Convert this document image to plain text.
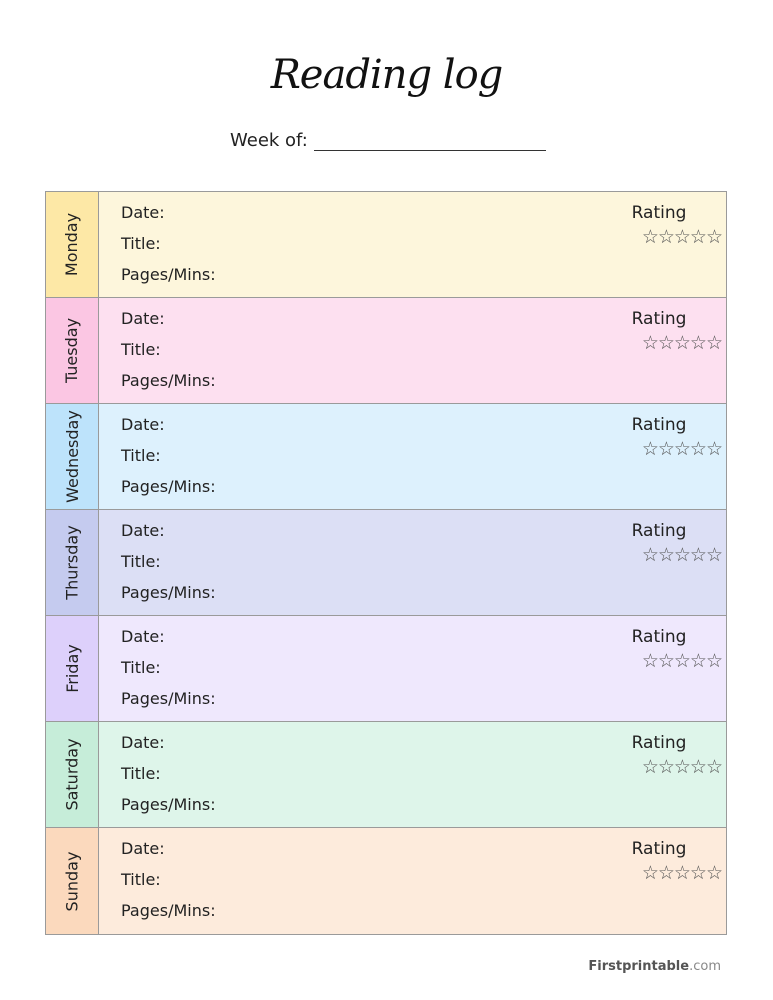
Reading log
Week of:
Monday
Date:
Title:
Pages/Mins:
Rating
☆☆☆☆☆
Tuesday Date:
Title:
Pages/Mins:
Rating
☆☆☆☆☆
Wednesday Date:
Title:
Pages/Mins:
Rating
☆☆☆☆☆
Thursday Date:
Title:
Pages/Mins:
Rating
☆☆☆☆☆
Friday
Date:
Title:
Pages/Mins:
Rating
☆☆☆☆☆
Saturday Date:
Title:
Pages/Mins:
Rating
☆☆☆☆☆
Sunday
Date:
Title:
Pages/Mins:
Rating
☆☆☆☆☆
Firstprintable.com
